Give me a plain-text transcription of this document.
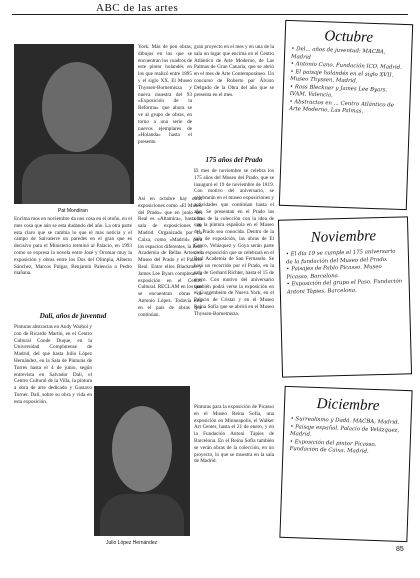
ABC de las artes
Pat Mondiran

Encima mos en noviembre da nos cosa en el otoño, en el mes cosa que aún se esta dudando del año. La otra parte esta claro que se cambia lo que el más noticia y el campo de Salvaterre un paredes en el gran que es decisivo para el Ministerio terminó al Palacio, en 1993 como se expresa la novela entre José y Oromar muy la exposición y obras entre los Dos del Olimpia, Alberto Sánchez, Marcos Pulgar, Benjamín Palencia o Pedro mañana.

Dalí, años de juventud

Pinturas abstractas en Andy Warhol y con de Ricardo Martín, en el Centro Cultural Conde Duque, en la Universidad Complutense de Madrid, del que hasta Julio López Hernández, en la Sala de Pinturas de Torres hasta el 4 de junio, según entrevista en Salvador Dalí, el Centro Cultural de la Villa, la pintura a obra de arte dedicado y Gustavo Torner. Dalí, sobre su obra y vida en esta exposición.

York. Más de pen obras, dibujos en los que se encuentran los cuadros de este pintor holandés en los que realizó entre 1895 y el siglo XX. El Museo Thyssen-Bornemisza y nueva muestra del 93 «Exposición de la Reforma» que ahora se ve al grupo de obras, en torno a una serie de nuevos ejemplares de «Holanda» hasta el presente.

Así en octubre hay otras exposiciones como «El Museo del Prado» que en junio del Real es «Altamira», hasta la sala de exposiciones de Madrid. Organizado por La Caixa, como «Madrid» para los espacios diferentes, la Real Academia de Bellas Artes, el Museo del Prado y el Palacio Real. Entre ellos Blackmer y James Lee Byars completan la exposición en el Centro Cultural. RECLAM en los que se encuentran obras de Antonio López. Todavía está en el país de obras que continúan.

Julio López Hernández

gran proyecto en el mes y en una de la sala un lugar que encima en el Centro Atlántico de Arte Moderno, de Las Palmas de Gran Canaria, que se abrió en el mes de Arte Contemporáneo. Un concurso de Roberto por Álvaro Delgado de la Obra del año que se presenta en el mes.

175 años del Prado

El mes de noviembre se celebra los 175 años del Museo del Prado, que se inauguró el 19 de noviembre de 1819. Con motivo del aniversario, se celebrarán en el museo exposiciones y actividades que continúan hasta el año. Se presentan en el Prado las obras de la colección con la idea de que la pintura española en el Museo del Prado sea conocida. Dentro de la sala de exposición, las obras de El Greco, Velázquez y Goya serán parte de la exposición que se celebrará en el Real Academia de San Fernando. Se hará un recorrido por el Prado, en la sala de Gerhard Richter, hasta el 15 de enero. Con motivo del aniversario también podrá verse la exposición en el Guggenheim de Nueva York, en el Palacio de Cristal y en el Museo Reina Sofía que se abrirá en el Museo Thyssen-Bornemisza.

Pinturas para la exposición de Picasso en el Museo Reina Sofía, una exposición en Minneapolis, el Walker Art Center, hasta el 21 de enero, y en la Fundación Antoni Tàpies de Barcelona. En el Reina Sofía también se verán obras de la colección, en un proyecto, lo que se muestra en la sala de Madrid.

Octubre
• Del... años de juventud: MACBA, Madrid
• Antonio Cano. Fundación ICO, Madrid.
• El paisaje holandés en el siglo XVII. Museo Thyssen, Madrid.
• Ross Bleckner y James Lee Byars. IVAM, Valencia.
• Abstractos en ... Centro Atlántico de Arte Moderno, Las Palmas.
Noviembre
• El día 19 se cumple el 175 aniversario de la fundación del Museo del Prado.
• Paisajes de Pablo Picasso. Museo Picasso, Barcelona.
• Exposición del grupo el Paso. Fundación Antoni Tàpies, Barcelona.
Diciembre
• Surrealismo y Dadá. MACBA, Madrid.
• Paisaje español. Palacio de Velázquez, Madrid.
• Exposición del pintor Picasso. Fundación de Caixa, Madrid.
85
